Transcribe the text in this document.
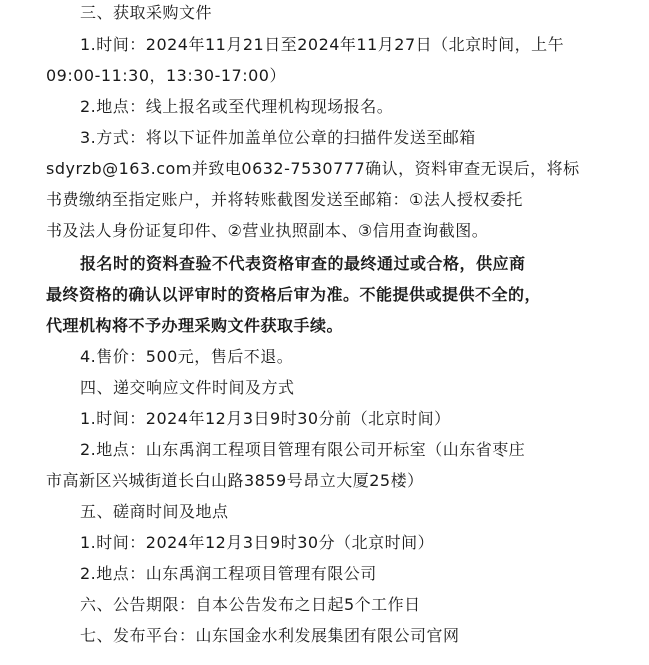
三、获取采购文件
1.时间：2024年11月21日至2024年11月27日（北京时间，上午
09:00-11:30，13:30-17:00）
2.地点：线上报名或至代理机构现场报名。
3.方式：将以下证件加盖单位公章的扫描件发送至邮箱
sdyrzb@163.com并致电0632-7530777确认，资料审查无误后，将标
书费缴纳至指定账户，并将转账截图发送至邮箱：①法人授权委托
书及法人身份证复印件、②营业执照副本、③信用查询截图。
报名时的资料查验不代表资格审查的最终通过或合格，供应商
最终资格的确认以评审时的资格后审为准。不能提供或提供不全的，
代理机构将不予办理采购文件获取手续。
4.售价：500元，售后不退。
四、递交响应文件时间及方式
1.时间：2024年12月3日9时30分前（北京时间）
2.地点：山东禹润工程项目管理有限公司开标室（山东省枣庄
市高新区兴城街道长白山路3859号昂立大厦25楼）
五、磋商时间及地点
1.时间：2024年12月3日9时30分（北京时间）
2.地点：山东禹润工程项目管理有限公司
六、公告期限：自本公告发布之日起5个工作日
七、发布平台：山东国金水利发展集团有限公司官网
